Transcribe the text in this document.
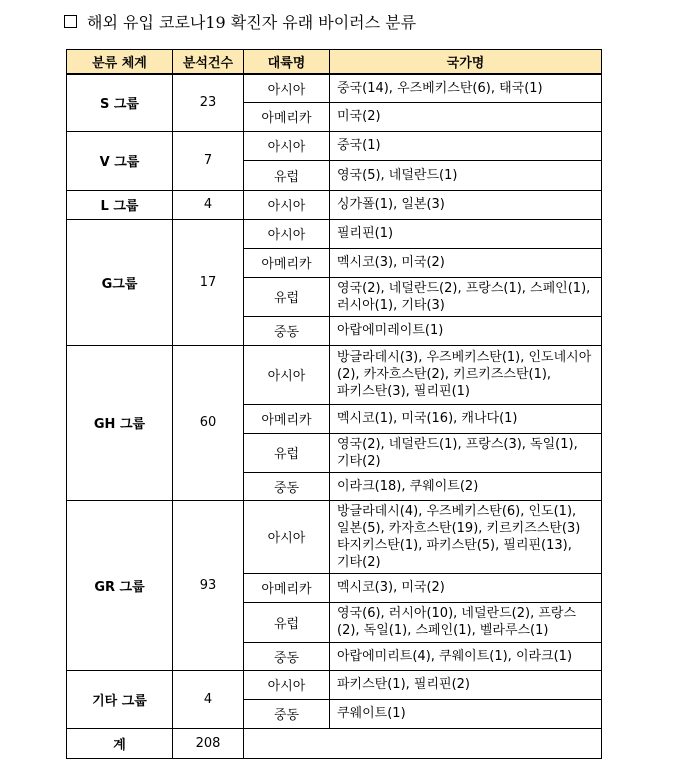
해외 유입 코로나19 확진자 유래 바이러스 분류
분류 체계	분석건수	대륙명	국가명
S 그룹	23	아시아	중국(14), 우즈베키스탄(6), 태국(1)
		아메리카	미국(2)
V 그룹	7	아시아	중국(1)
		유럽	영국(5), 네덜란드(1)
L 그룹	4	아시아	싱가폴(1), 일본(3)
G그룹	17	아시아	필리핀(1)
		아메리카	멕시코(3), 미국(2)
		유럽	영국(2), 네덜란드(2), 프랑스(1), 스페인(1), 러시아(1), 기타(3)
		중동	아랍에미레이트(1)
GH 그룹	60	아시아	방글라데시(3), 우즈베키스탄(1), 인도네시아(2), 카자흐스탄(2), 키르키즈스탄(1), 파키스탄(3), 필리핀(1)
		아메리카	멕시코(1), 미국(16), 캐나다(1)
		유럽	영국(2), 네덜란드(1), 프랑스(3), 독일(1), 기타(2)
		중동	이라크(18), 쿠웨이트(2)
GR 그룹	93	아시아	방글라데시(4), 우즈베키스탄(6), 인도(1), 일본(5), 카자흐스탄(19), 키르키즈스탄(3) 타지키스탄(1), 파키스탄(5), 필리핀(13), 기타(2)
		아메리카	멕시코(3), 미국(2)
		유럽	영국(6), 러시아(10), 네덜란드(2), 프랑스(2), 독일(1), 스페인(1), 벨라루스(1)
		중동	아랍에미리트(4), 쿠웨이트(1), 이라크(1)
기타 그룹	4	아시아	파키스탄(1), 필리핀(2)
		중동	쿠웨이트(1)
계	208		
